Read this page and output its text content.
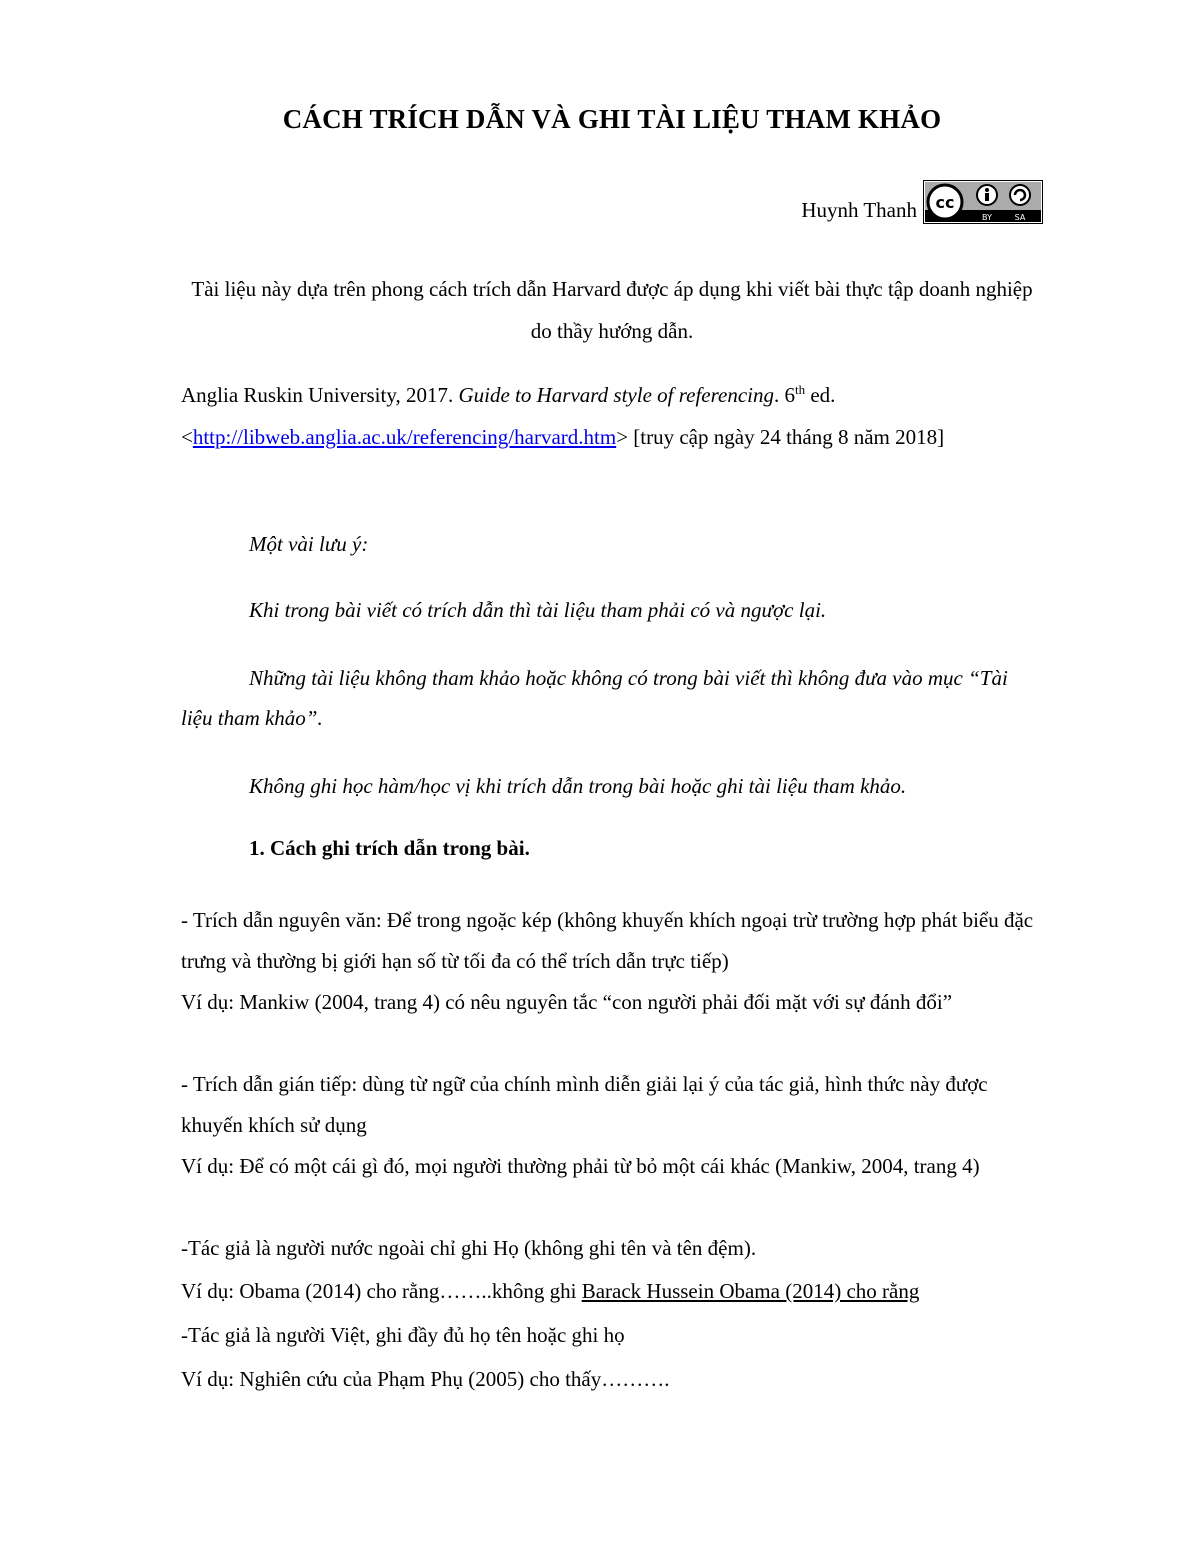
CÁCH TRÍCH DẪN VÀ GHI TÀI LIỆU THAM KHẢO
Huynh Thanh cc
BY	SA

Tài liệu này dựa trên phong cách trích dẫn Harvard được áp dụng khi viết bài thực tập doanh nghiệp do thầy hướng dẫn.

Anglia Ruskin University, 2017. Guide to Harvard style of referencing. 6th ed.
<http://libweb.anglia.ac.uk/referencing/harvard.htm> [truy cập ngày 24 tháng 8 năm 2018]

Một vài lưu ý:

Khi trong bài viết có trích dẫn thì tài liệu tham phải có và ngược lại.

Những tài liệu không tham khảo hoặc không có trong bài viết thì không đưa vào mục “Tài liệu tham khảo”.

Không ghi học hàm/học vị khi trích dẫn trong bài hoặc ghi tài liệu tham khảo.

1. Cách ghi trích dẫn trong bài.

- Trích dẫn nguyên văn: Để trong ngoặc kép (không khuyến khích ngoại trừ trường hợp phát biểu đặc trưng và thường bị giới hạn số từ tối đa có thể trích dẫn trực tiếp)

Ví dụ: Mankiw (2004, trang 4) có nêu nguyên tắc “con người phải đối mặt với sự đánh đổi”

- Trích dẫn gián tiếp: dùng từ ngữ của chính mình diễn giải lại ý của tác giả, hình thức này được khuyến khích sử dụng

Ví dụ: Để có một cái gì đó, mọi người thường phải từ bỏ một cái khác (Mankiw, 2004, trang 4)

-Tác giả là người nước ngoài chỉ ghi Họ (không ghi tên và tên đệm).

Ví dụ: Obama (2014) cho rằng……..không ghi Barack Hussein Obama (2014) cho rằng

-Tác giả là người Việt, ghi đầy đủ họ tên hoặc ghi họ

Ví dụ: Nghiên cứu của Phạm Phụ (2005) cho thấy……….
